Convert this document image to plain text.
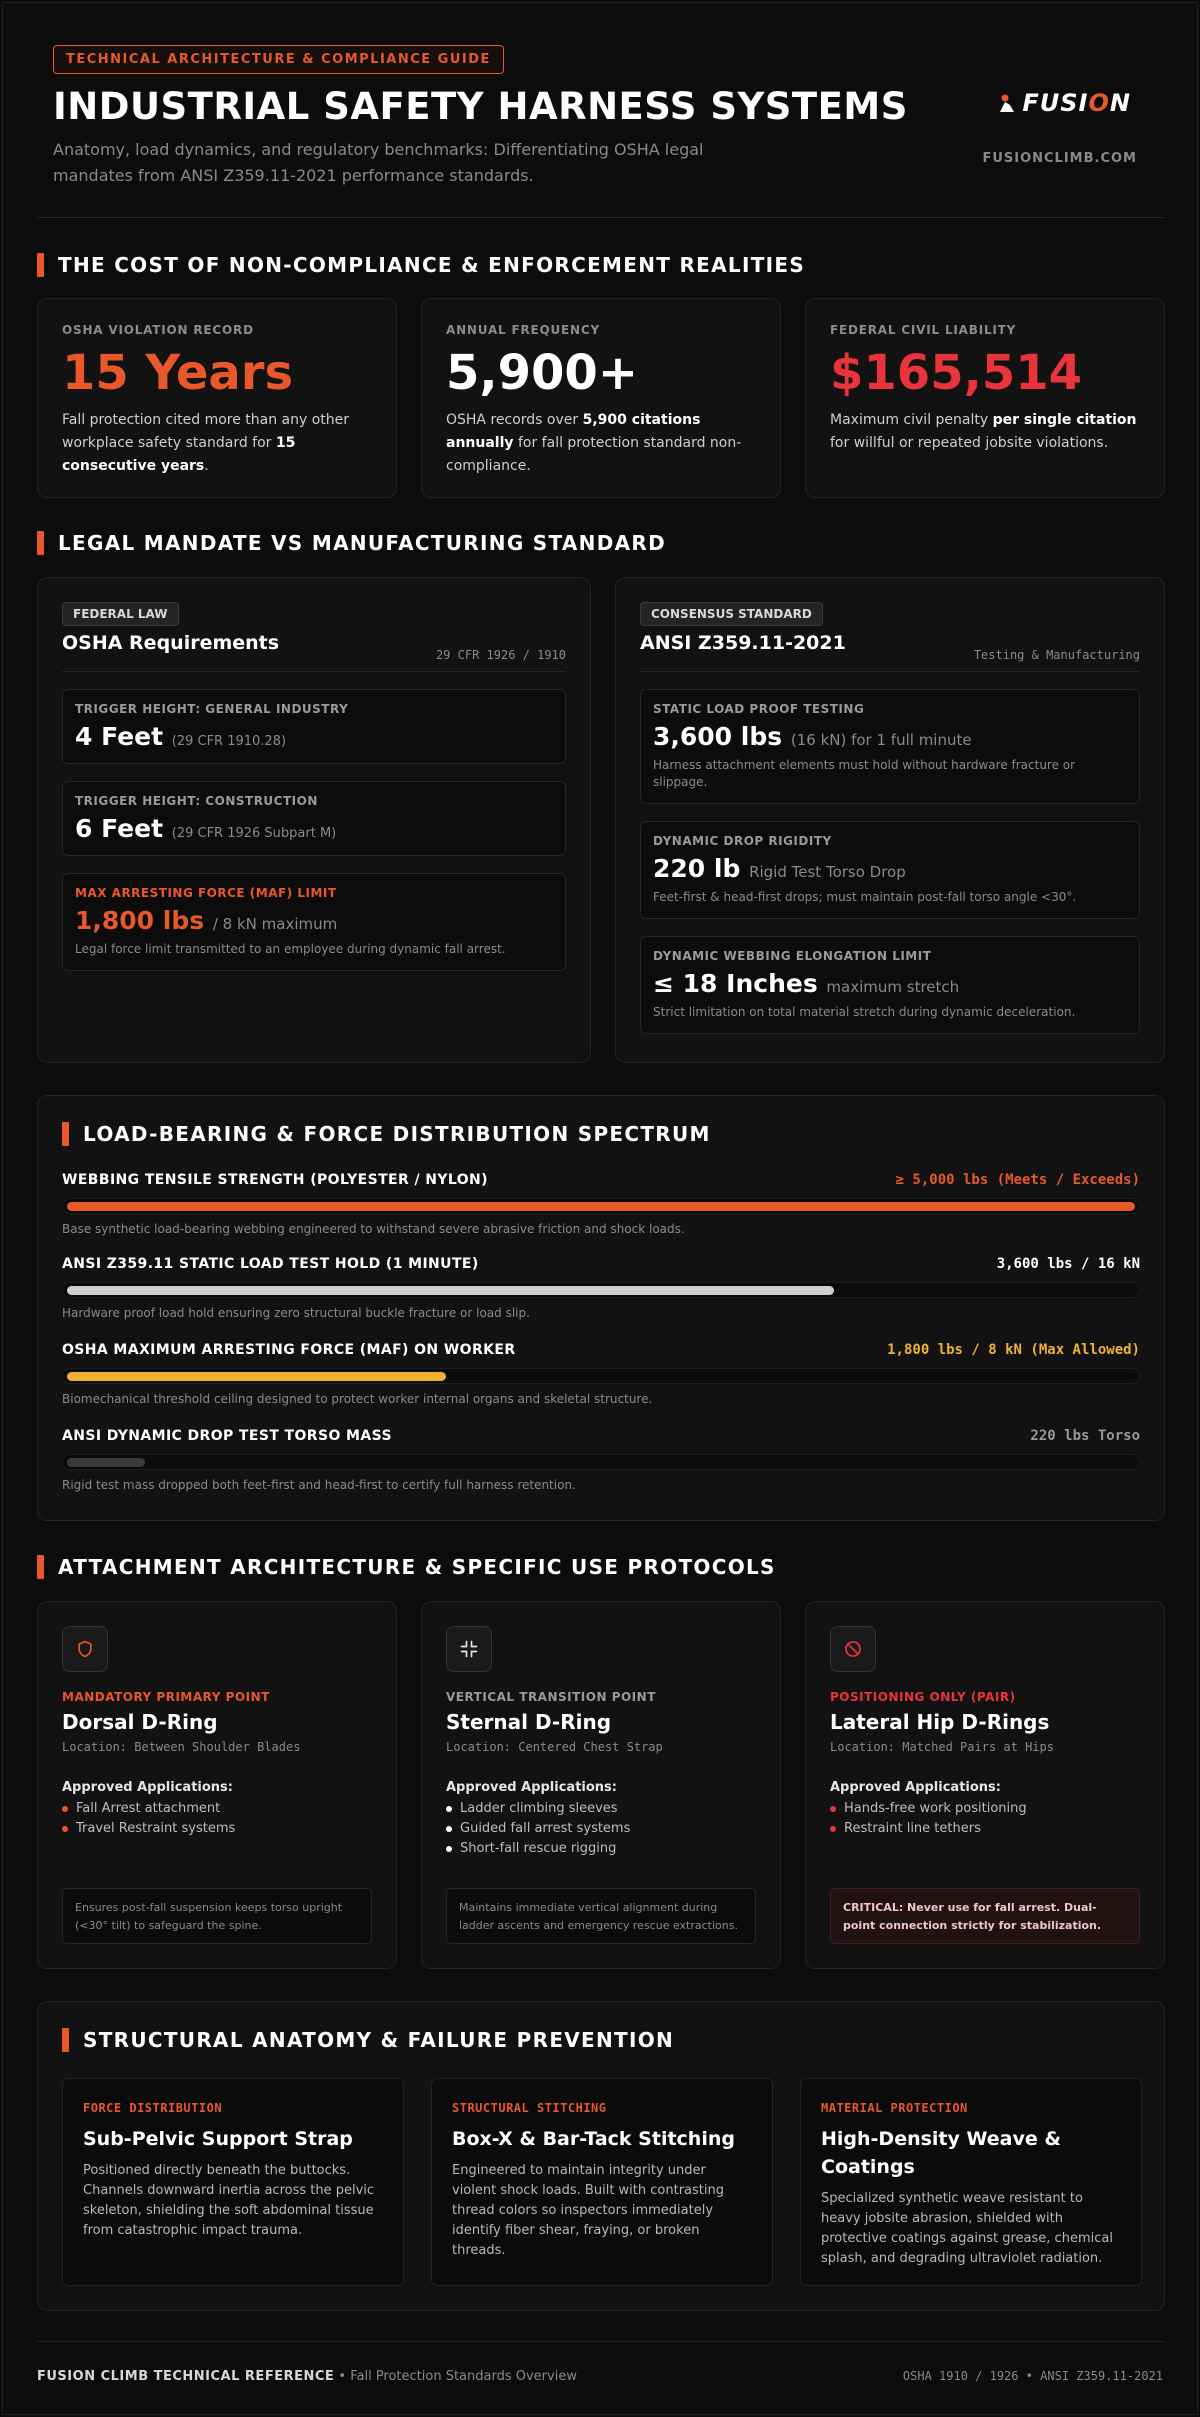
TECHNICAL ARCHITECTURE & COMPLIANCE GUIDE
INDUSTRIAL SAFETY HARNESS SYSTEMS
Anatomy, load dynamics, and regulatory benchmarks: Differentiating OSHA legal mandates from ANSI Z359.11-2021 performance standards.
FUSION
FUSIONCLIMB.COM
THE COST OF NON-COMPLIANCE & ENFORCEMENT REALITIES
OSHA VIOLATION RECORD
15 Years
Fall protection cited more than any other workplace safety standard for 15 consecutive years.
ANNUAL FREQUENCY
5,900+
OSHA records over 5,900 citations annually for fall protection standard non-compliance.
FEDERAL CIVIL LIABILITY
$165,514
Maximum civil penalty per single citation for willful or repeated jobsite violations.
LEGAL MANDATE VS MANUFACTURING STANDARD
FEDERAL LAW
OSHA Requirements
29 CFR 1926 / 1910
TRIGGER HEIGHT: GENERAL INDUSTRY
4 Feet (29 CFR 1910.28)
TRIGGER HEIGHT: CONSTRUCTION
6 Feet (29 CFR 1926 Subpart M)
MAX ARRESTING FORCE (MAF) LIMIT
1,800 lbs / 8 kN maximum
Legal force limit transmitted to an employee during dynamic fall arrest.
CONSENSUS STANDARD
ANSI Z359.11-2021
Testing & Manufacturing
STATIC LOAD PROOF TESTING
3,600 lbs (16 kN) for 1 full minute
Harness attachment elements must hold without hardware fracture or slippage.
DYNAMIC DROP RIGIDITY
220 lb Rigid Test Torso Drop
Feet-first & head-first drops; must maintain post-fall torso angle <30°.
DYNAMIC WEBBING ELONGATION LIMIT
≤ 18 Inches maximum stretch
Strict limitation on total material stretch during dynamic deceleration.
LOAD-BEARING & FORCE DISTRIBUTION SPECTRUM
WEBBING TENSILE STRENGTH (POLYESTER / NYLON)	≥ 5,000 lbs (Meets / Exceeds)
Base synthetic load-bearing webbing engineered to withstand severe abrasive friction and shock loads.
ANSI Z359.11 STATIC LOAD TEST HOLD (1 MINUTE)	3,600 lbs / 16 kN
Hardware proof load hold ensuring zero structural buckle fracture or load slip.
OSHA MAXIMUM ARRESTING FORCE (MAF) ON WORKER	1,800 lbs / 8 kN (Max Allowed)
Biomechanical threshold ceiling designed to protect worker internal organs and skeletal structure.
ANSI DYNAMIC DROP TEST TORSO MASS	220 lbs Torso
Rigid test mass dropped both feet-first and head-first to certify full harness retention.
ATTACHMENT ARCHITECTURE & SPECIFIC USE PROTOCOLS
MANDATORY PRIMARY POINT
Dorsal D-Ring
Location: Between Shoulder Blades
Approved Applications:
Fall Arrest attachment
Travel Restraint systems
Ensures post-fall suspension keeps torso upright (<30° tilt) to safeguard the spine.
VERTICAL TRANSITION POINT
Sternal D-Ring
Location: Centered Chest Strap
Approved Applications:
Ladder climbing sleeves
Guided fall arrest systems
Short-fall rescue rigging
Maintains immediate vertical alignment during ladder ascents and emergency rescue extractions.
POSITIONING ONLY (PAIR)
Lateral Hip D-Rings
Location: Matched Pairs at Hips
Approved Applications:
Hands-free work positioning
Restraint line tethers
CRITICAL: Never use for fall arrest. Dual-point connection strictly for stabilization.
STRUCTURAL ANATOMY & FAILURE PREVENTION
FORCE DISTRIBUTION
Sub-Pelvic Support Strap
Positioned directly beneath the buttocks. Channels downward inertia across the pelvic skeleton, shielding the soft abdominal tissue from catastrophic impact trauma.
STRUCTURAL STITCHING
Box-X & Bar-Tack Stitching
Engineered to maintain integrity under violent shock loads. Built with contrasting thread colors so inspectors immediately identify fiber shear, fraying, or broken threads.
MATERIAL PROTECTION
High-Density Weave & Coatings
Specialized synthetic weave resistant to heavy jobsite abrasion, shielded with protective coatings against grease, chemical splash, and degrading ultraviolet radiation.
FUSION CLIMB TECHNICAL REFERENCE • Fall Protection Standards Overview	OSHA 1910 / 1926 • ANSI Z359.11-2021
